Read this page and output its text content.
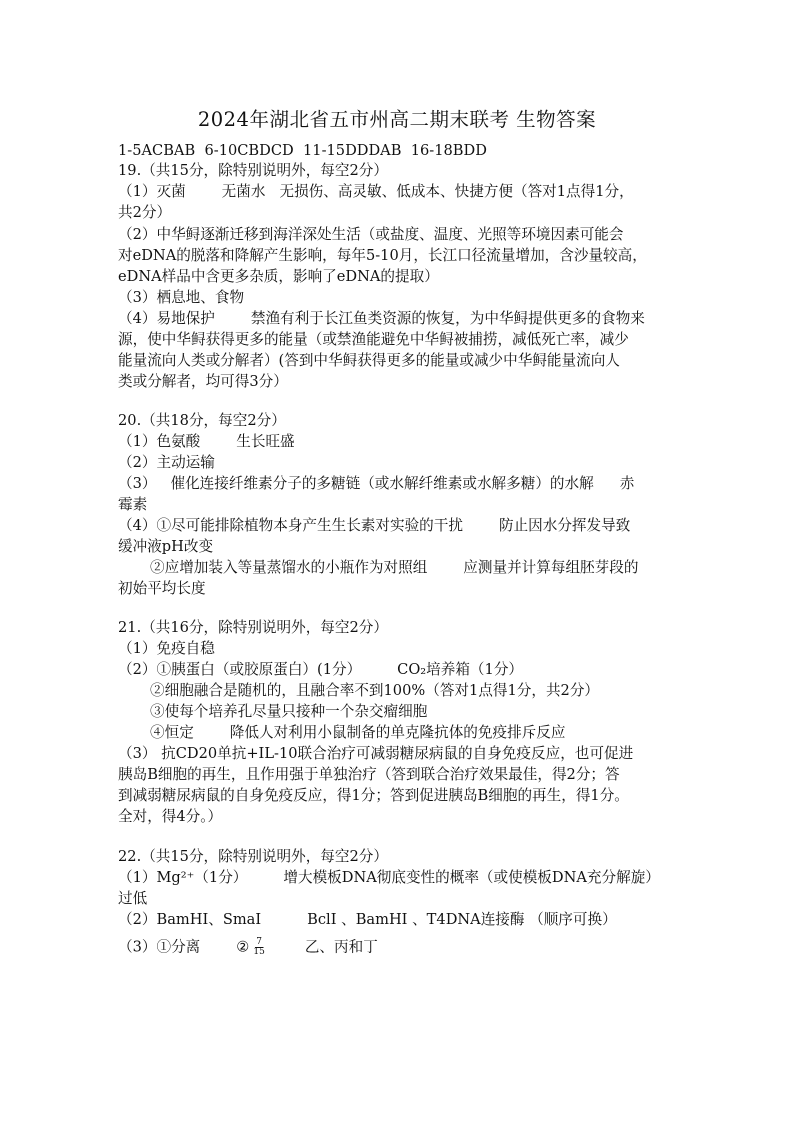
2024年湖北省五市州高二期末联考 生物答案
1-5ACBAB  6-10CBDCD  11-15DDDAB  16-18BDD
19.（共15分，除特别说明外，每空2分）
（1）灭菌 无菌水 无损伤、高灵敏、低成本、快捷方便（答对1点得1分，
共2分）
（2）中华鲟逐渐迁移到海洋深处生活（或盐度、温度、光照等环境因素可能会
对eDNA的脱落和降解产生影响，每年5-10月，长江口径流量增加，含沙量较高，
eDNA样品中含更多杂质，影响了eDNA的提取）
（3）栖息地、食物
（4）易地保护 禁渔有利于长江鱼类资源的恢复，为中华鲟提供更多的食物来
源，使中华鲟获得更多的能量（或禁渔能避免中华鲟被捕捞，减低死亡率，减少
能量流向人类或分解者）(答到中华鲟获得更多的能量或减少中华鲟能量流向人
类或分解者，均可得3分）
20.（共18分，每空2分）
（1）色氨酸 生长旺盛
（2）主动运输
（3） 催化连接纤维素分子的多糖链（或水解纤维素或水解多糖）的水解 赤
霉素
（4）①尽可能排除植物本身产生生长素对实验的干扰 防止因水分挥发导致
缓冲液pH改变
②应增加装入等量蒸馏水的小瓶作为对照组 应测量并计算每组胚芽段的
初始平均长度
21.（共16分，除特别说明外，每空2分）
（1）免疫自稳
（2）①胰蛋白（或胶原蛋白）(1分） CO₂培养箱（1分）
②细胞融合是随机的，且融合率不到100%（答对1点得1分，共2分）
③使每个培养孔尽量只接种一个杂交瘤细胞
④恒定 降低人对利用小鼠制备的单克隆抗体的免疫排斥反应
（3） 抗CD20单抗+IL-10联合治疗可减弱糖尿病鼠的自身免疫反应，也可促进
胰岛B细胞的再生，且作用强于单独治疗（答到联合治疗效果最佳，得2分；答
到减弱糖尿病鼠的自身免疫反应，得1分；答到促进胰岛B细胞的再生，得1分。
全对，得4分。）
22.（共15分，除特别说明外，每空2分）
（1）Mg²⁺（1分） 增大模板DNA彻底变性的概率（或使模板DNA充分解旋）
过低
（2）BamHI、SmaI	BclI 、BamHI 、T4DNA连接酶 （顺序可换）
（3）①分离 ② $\frac{7}{15}$	乙、丙和丁
